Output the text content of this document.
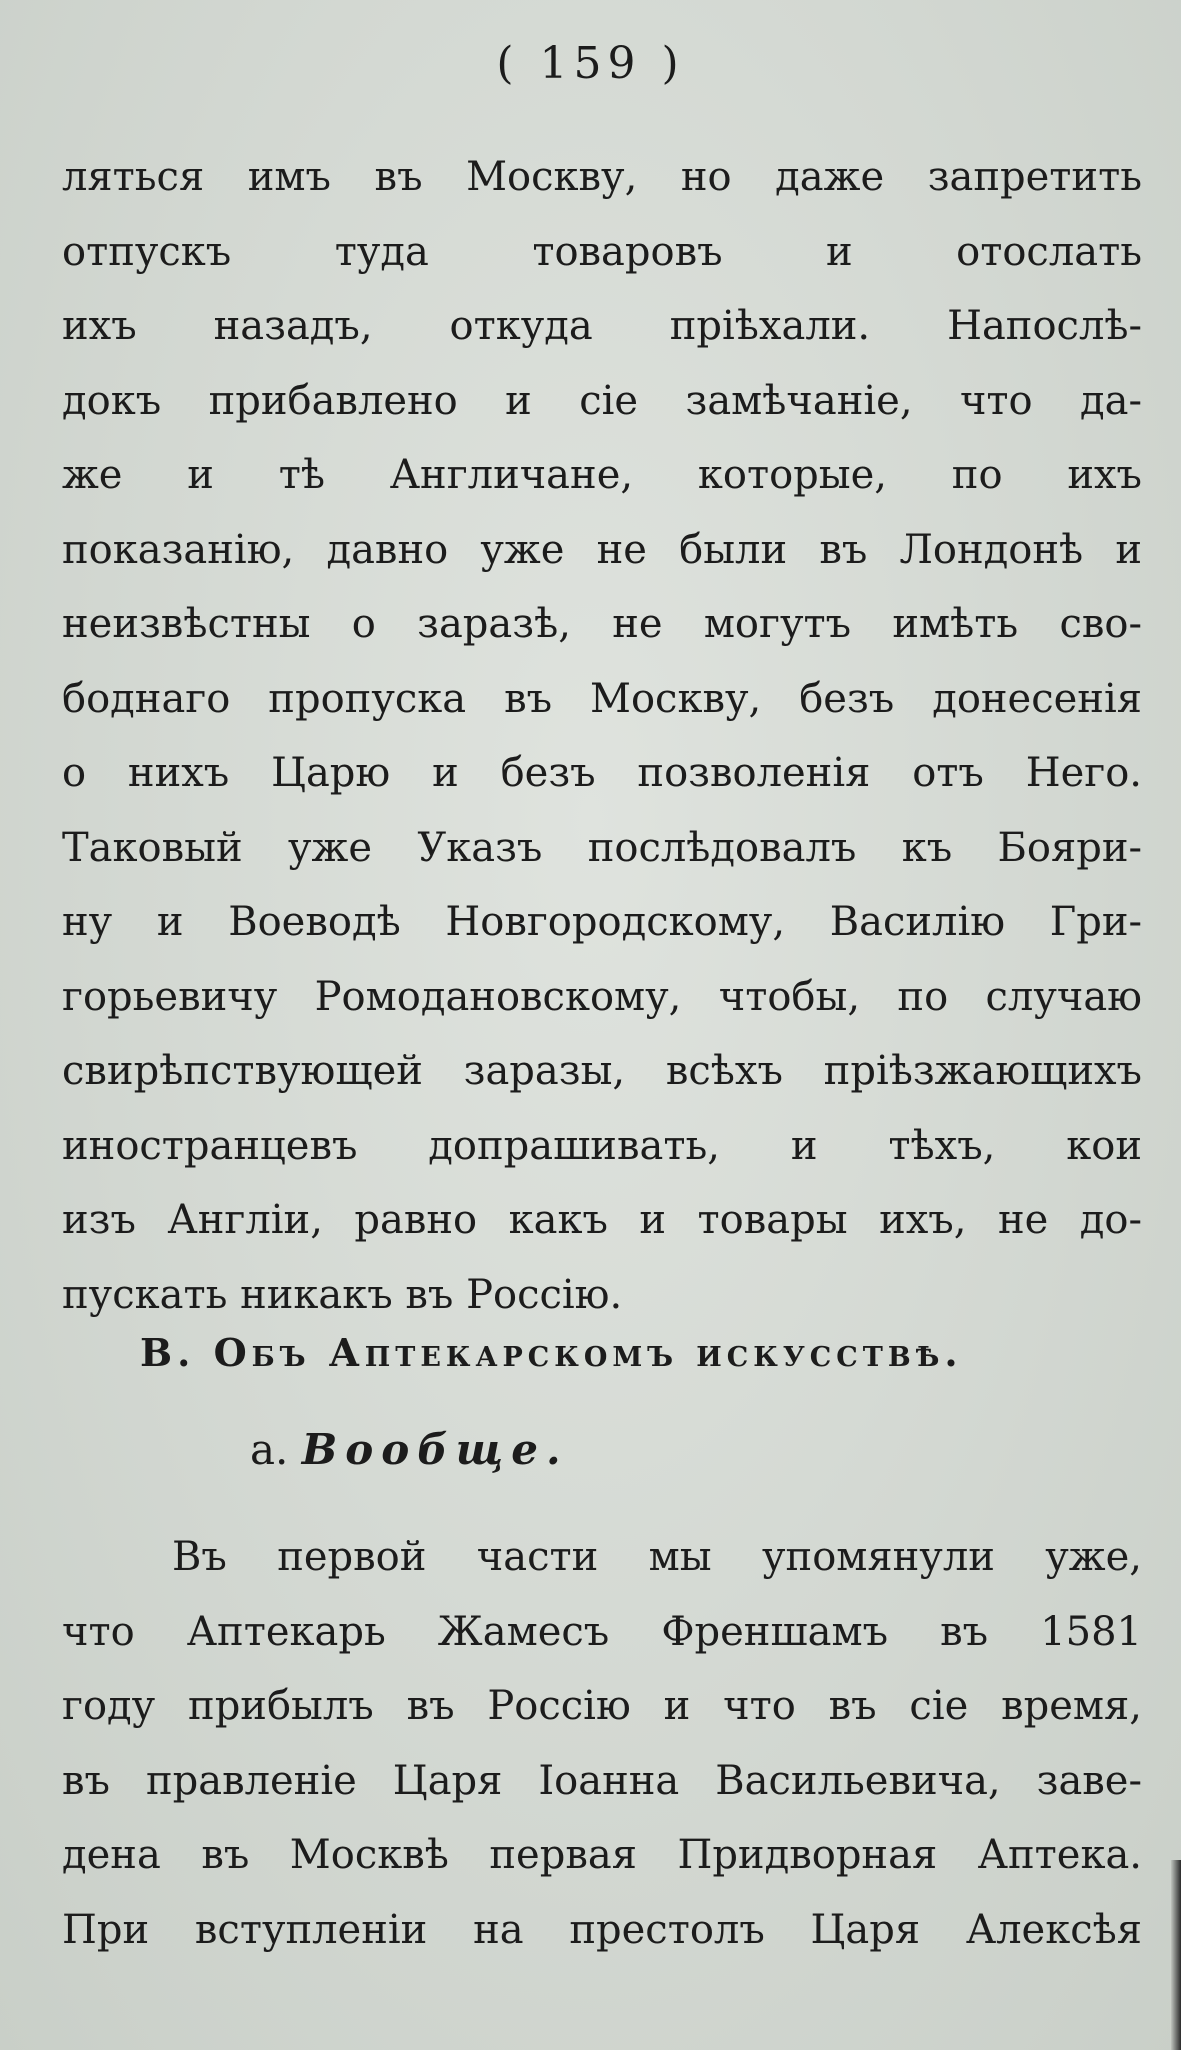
( 159 )
лятьcя имъ въ Москву, но даже запретить
отпускъ туда товаровъ и отослать
ихъ назадъ, откуда пріѣхали. Напослѣ-
докъ прибавлено и сіе замѣчаніе, что да-
же и тѣ Англичане, которые, по ихъ
показанію, давно уже не были въ Лондонѣ и
неизвѣстны о заразѣ, не могутъ имѣть сво-
боднаго пропуска въ Москву, безъ донесенія
о нихъ Царю и безъ позволенія отъ Него.
Таковый уже Указъ послѣдовалъ къ Бояри-
ну и Воеводѣ Новгородскому, Василію Гри-
горьевичу Ромодановскому, чтобы, по случаю
свирѣпствующей заразы, всѣхъ пріѣзжающихъ
иностранцевъ допрашивать, и тѣхъ, кои
изъ Англіи, равно какъ и товары ихъ, не до-
пускать никакъ въ Россію.
В. Объ Аптекарскомъ искусствѣ.
а. Вообще.
Въ первой части мы упомянули уже,
что Аптекарь Жамесъ Френшамъ въ 1581
году прибылъ въ Россію и что въ сіе время,
въ правленіе Царя Іоанна Васильевича, заве-
дена въ Москвѣ первая Придворная Аптека.
При вступленіи на престолъ Царя Алексѣя
